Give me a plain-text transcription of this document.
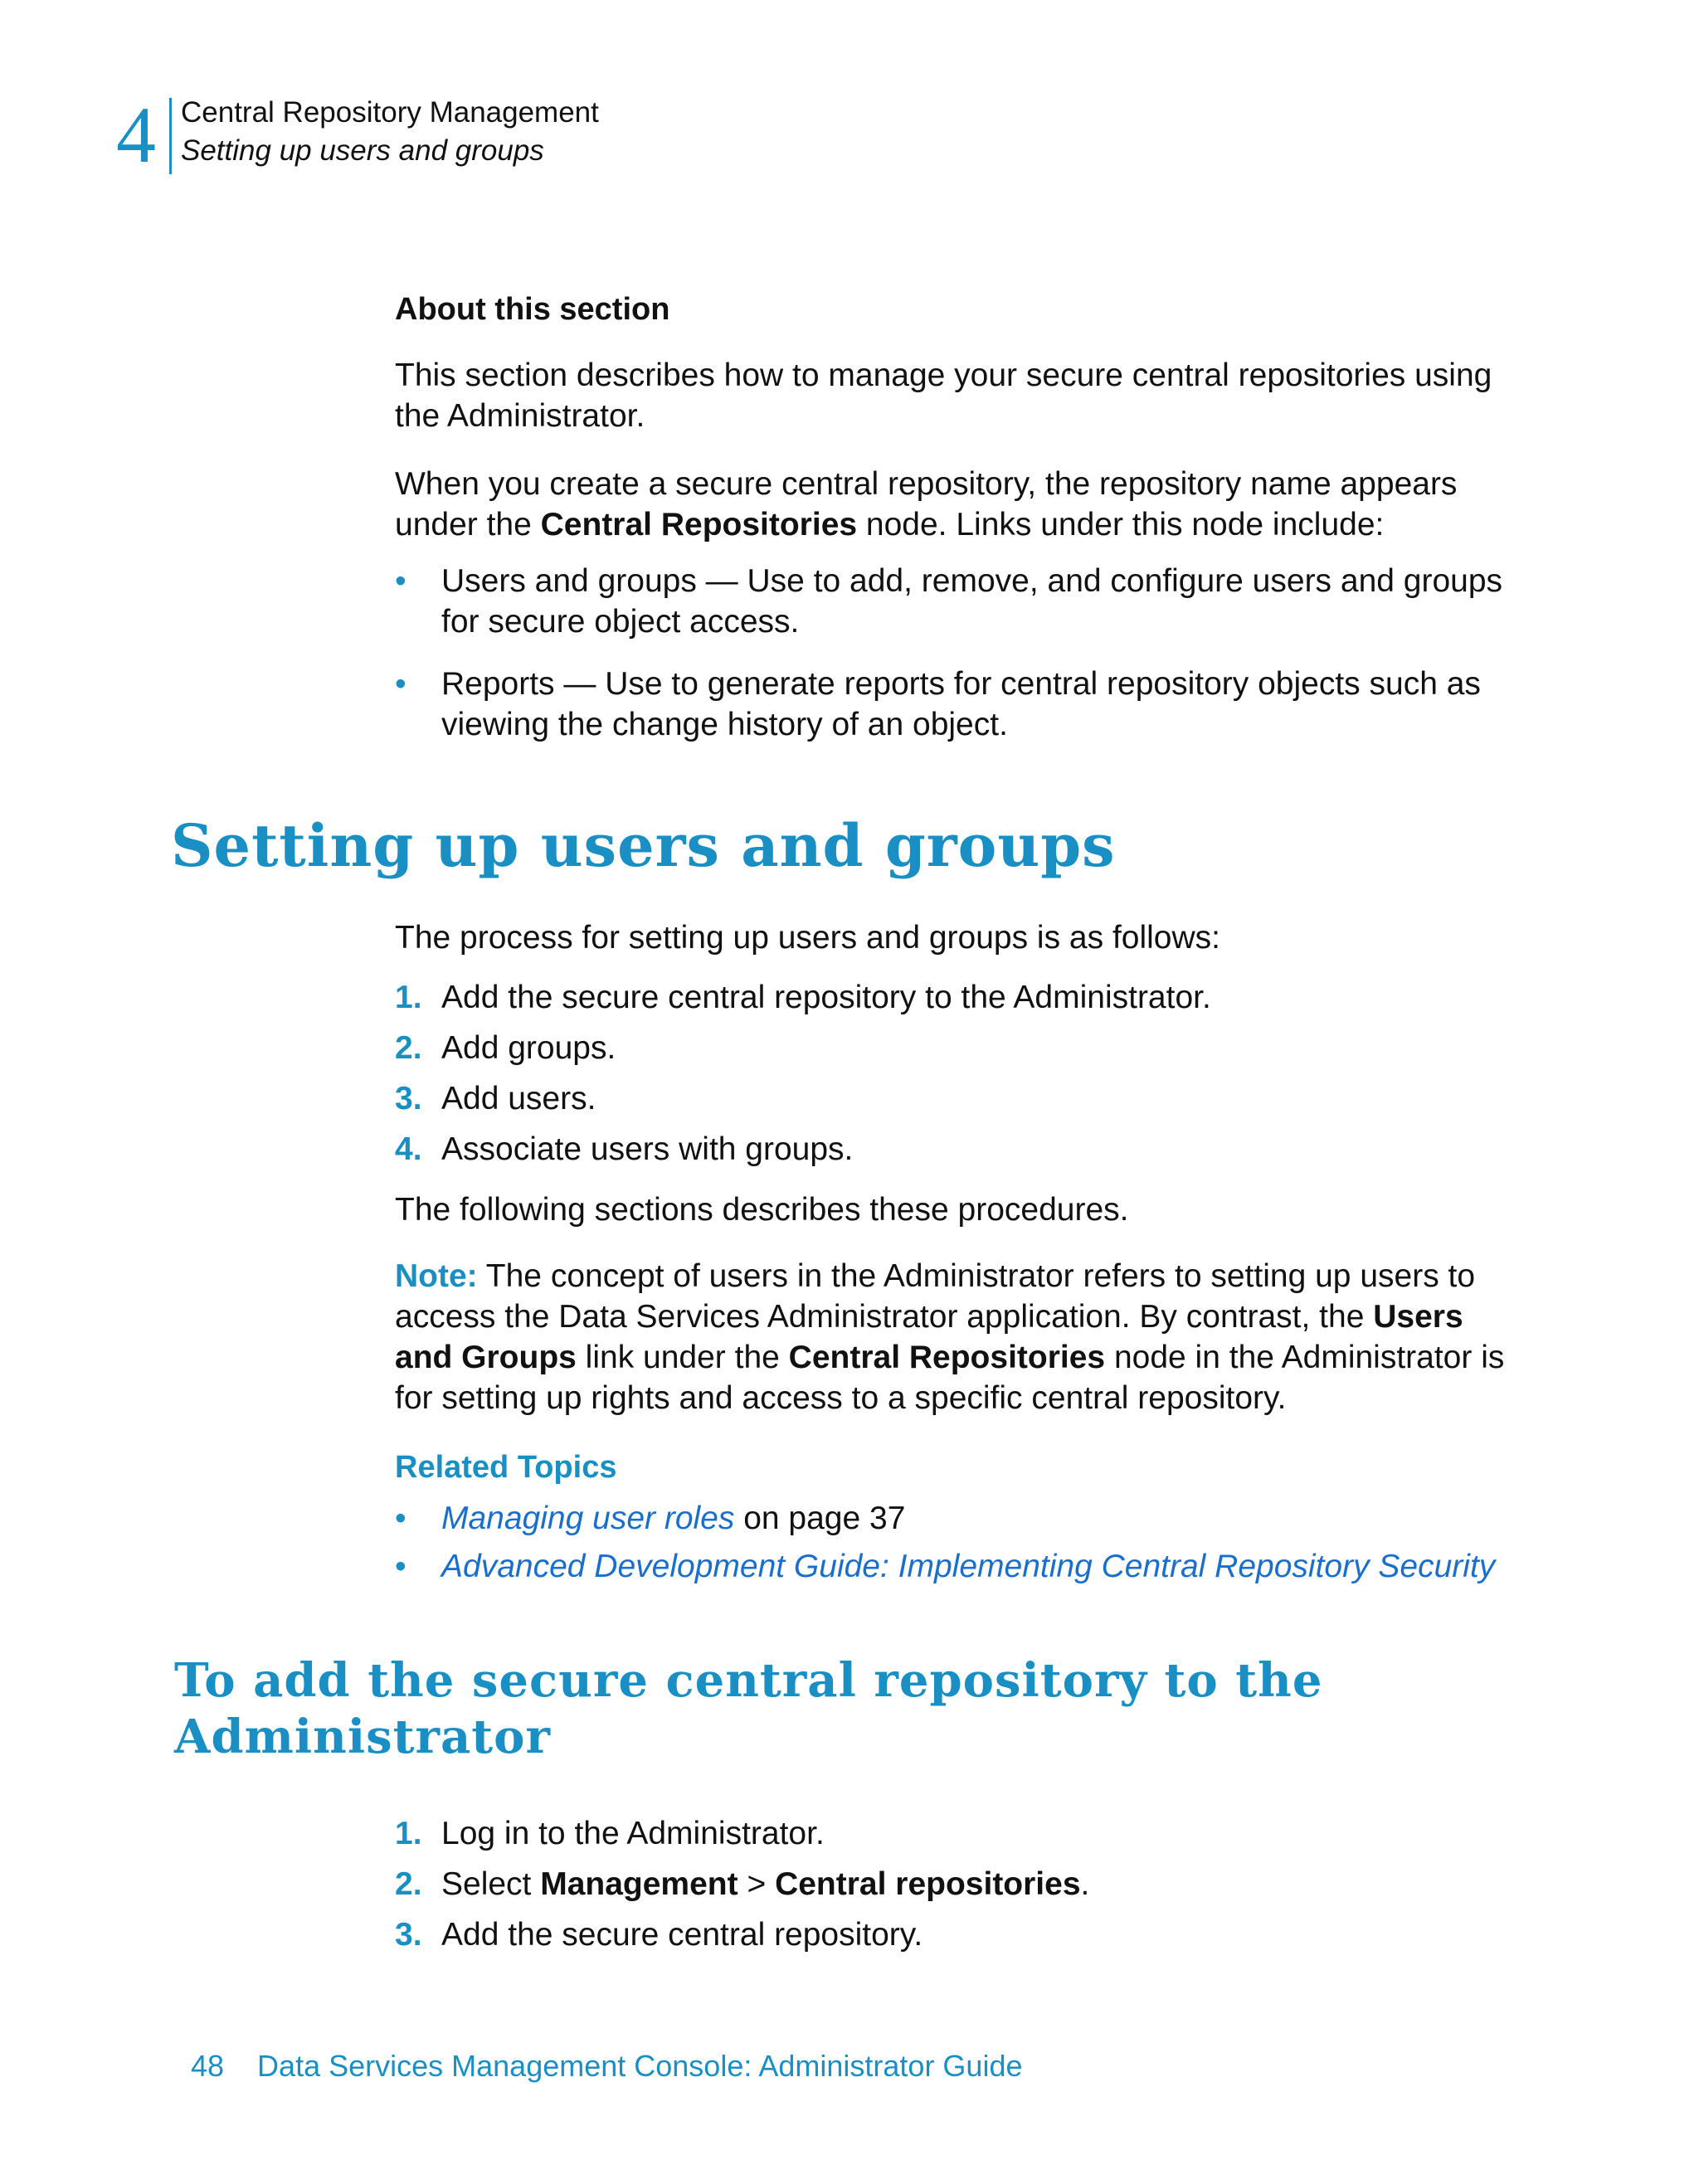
4 Central Repository Management
Setting up users and groups
About this section
This section describes how to manage your secure central repositories using the Administrator.
When you create a secure central repository, the repository name appears under the Central Repositories node. Links under this node include:
• Users and groups — Use to add, remove, and configure users and groups for secure object access.
• Reports — Use to generate reports for central repository objects such as viewing the change history of an object.
Setting up users and groups
The process for setting up users and groups is as follows:
1. Add the secure central repository to the Administrator.
2. Add groups.
3. Add users.
4. Associate users with groups.
The following sections describes these procedures.
Note: The concept of users in the Administrator refers to setting up users to access the Data Services Administrator application. By contrast, the Users and Groups link under the Central Repositories node in the Administrator is for setting up rights and access to a specific central repository.
Related Topics
• Managing user roles on page 37
• Advanced Development Guide: Implementing Central Repository Security
To add the secure central repository to the Administrator
1. Log in to the Administrator.
2. Select Management > Central repositories.
3. Add the secure central repository.
48 Data Services Management Console: Administrator Guide
